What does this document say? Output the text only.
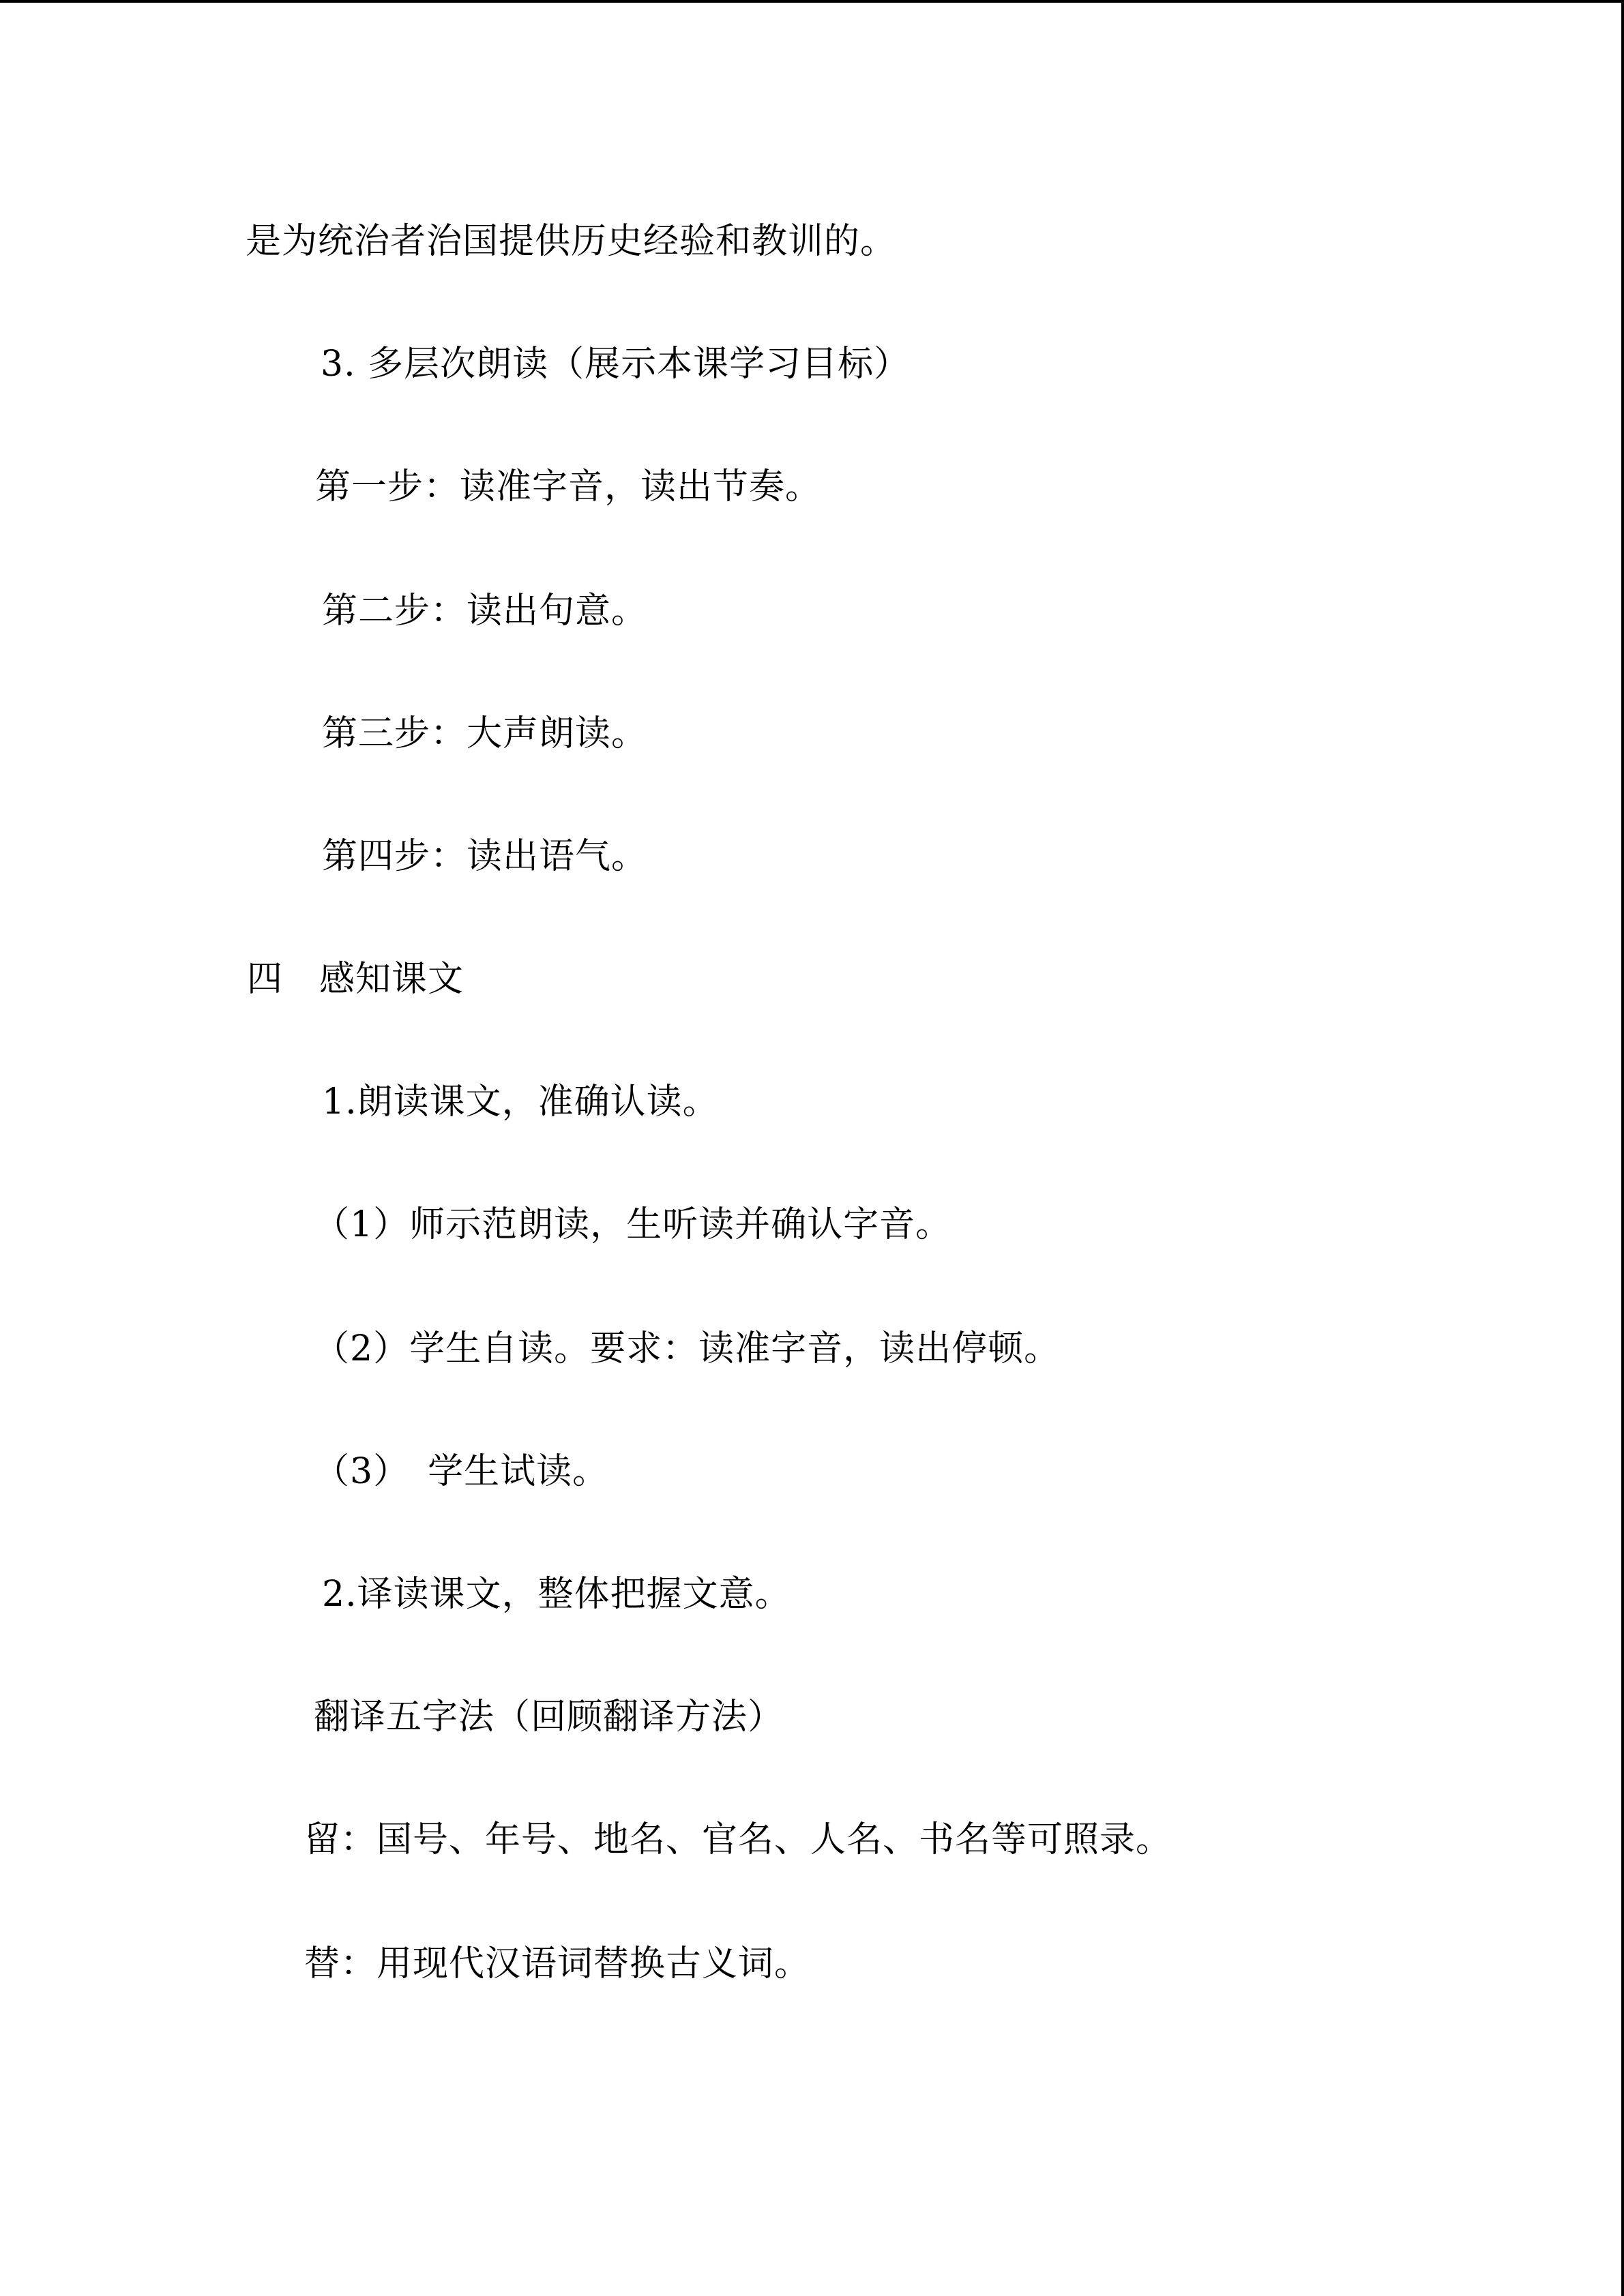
是为统治者治国提供历史经验和教训的。
3. 多层次朗读（展示本课学习目标）
第一步：读准字音，读出节奏。
第二步：读出句意。
第三步：大声朗读。
第四步：读出语气。
四　感知课文
1.朗读课文，准确认读。
（1）师示范朗读，生听读并确认字音。
（2）学生自读。要求：读准字音，读出停顿。
（3）　学生试读。
2.译读课文，整体把握文意。
翻译五字法（回顾翻译方法）
留：国号、年号、地名、官名、人名、书名等可照录。
替：用现代汉语词替换古义词。
